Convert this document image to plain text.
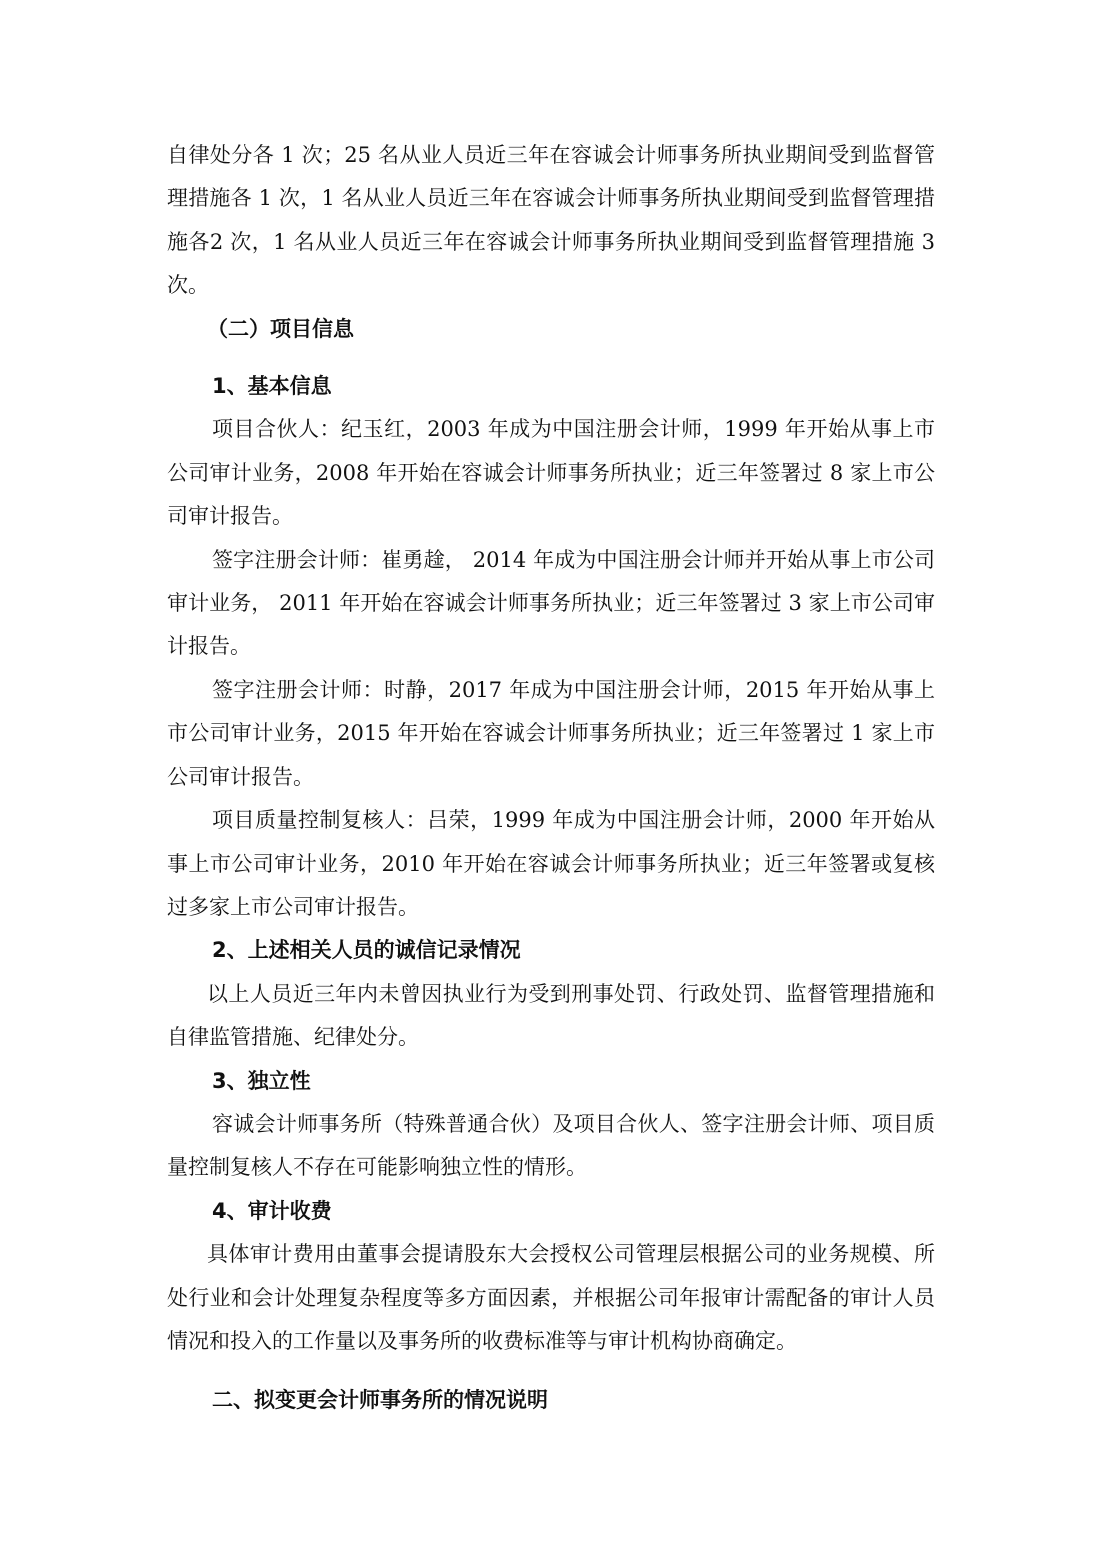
自律处分各 1 次；25 名从业人员近三年在容诚会计师事务所执业期间受到监督管理措施各 1 次，1 名从业人员近三年在容诚会计师事务所执业期间受到监督管理措施各2 次，1 名从业人员近三年在容诚会计师事务所执业期间受到监督管理措施 3 次。

（二）项目信息

1、基本信息

项目合伙人：纪玉红，2003 年成为中国注册会计师，1999 年开始从事上市公司审计业务，2008 年开始在容诚会计师事务所执业；近三年签署过 8 家上市公司审计报告。

签字注册会计师：崔勇趛， 2014 年成为中国注册会计师并开始从事上市公司审计业务， 2011 年开始在容诚会计师事务所执业；近三年签署过 3 家上市公司审计报告。

签字注册会计师：时静，2017 年成为中国注册会计师，2015 年开始从事上市公司审计业务，2015 年开始在容诚会计师事务所执业；近三年签署过 1 家上市公司审计报告。

项目质量控制复核人：吕荣，1999 年成为中国注册会计师，2000 年开始从事上市公司审计业务，2010 年开始在容诚会计师事务所执业；近三年签署或复核过多家上市公司审计报告。

2、上述相关人员的诚信记录情况

以上人员近三年内未曾因执业行为受到刑事处罚、行政处罚、监督管理措施和自律监管措施、纪律处分。

3、独立性

容诚会计师事务所（特殊普通合伙）及项目合伙人、签字注册会计师、项目质量控制复核人不存在可能影响独立性的情形。

4、审计收费

具体审计费用由董事会提请股东大会授权公司管理层根据公司的业务规模、所处行业和会计处理复杂程度等多方面因素，并根据公司年报审计需配备的审计人员情况和投入的工作量以及事务所的收费标准等与审计机构协商确定。

二、拟变更会计师事务所的情况说明
